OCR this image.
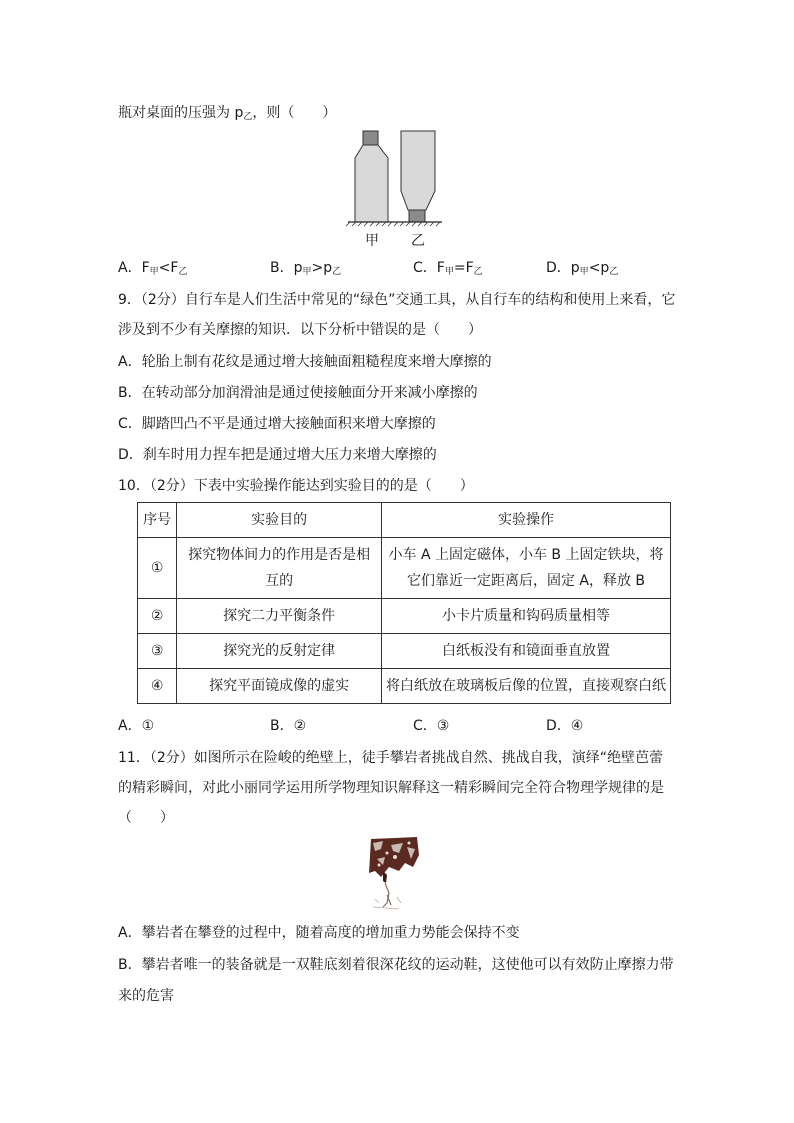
瓶对桌面的压强为 $p_乙$，则（　　）
甲 乙
A．$F_甲<F_乙$	B．$p_甲>p_乙$	C．$F_甲=F_乙$	D．$p_甲<p_乙$
9．（2分）自行车是人们生活中常见的“绿色”交通工具，从自行车的结构和使用上来看，它
涉及到不少有关摩擦的知识．以下分析中错误的是（　　）
A．轮胎上制有花纹是通过增大接触面粗糙程度来增大摩擦的
B．在转动部分加润滑油是通过使接触面分开来减小摩擦的
C．脚踏凹凸不平是通过增大接触面积来增大摩擦的
D．刹车时用力捏车把是通过增大压力来增大摩擦的
10．（2分）下表中实验操作能达到实验目的的是（　　）
序号	实验目的	实验操作
①	探究物体间力的作用是否是相互的	小车 A 上固定磁体，小车 B 上固定铁块，将它们靠近一定距离后，固定 A，释放 B
②	探究二力平衡条件	小卡片质量和钩码质量相等
③	探究光的反射定律	白纸板没有和镜面垂直放置
④	探究平面镜成像的虚实	将白纸放在玻璃板后像的位置，直接观察白纸
A．①	B．②	C．③	D．④
11．（2分）如图所示在险峻的绝壁上，徒手攀岩者挑战自然、挑战自我，演绎“绝壁芭蕾
的精彩瞬间，对此小丽同学运用所学物理知识解释这一精彩瞬间完全符合物理学规律的是
（　　）
A．攀岩者在攀登的过程中，随着高度的增加重力势能会保持不变
B．攀岩者唯一的装备就是一双鞋底刻着很深花纹的运动鞋，这使他可以有效防止摩擦力带
来的危害
